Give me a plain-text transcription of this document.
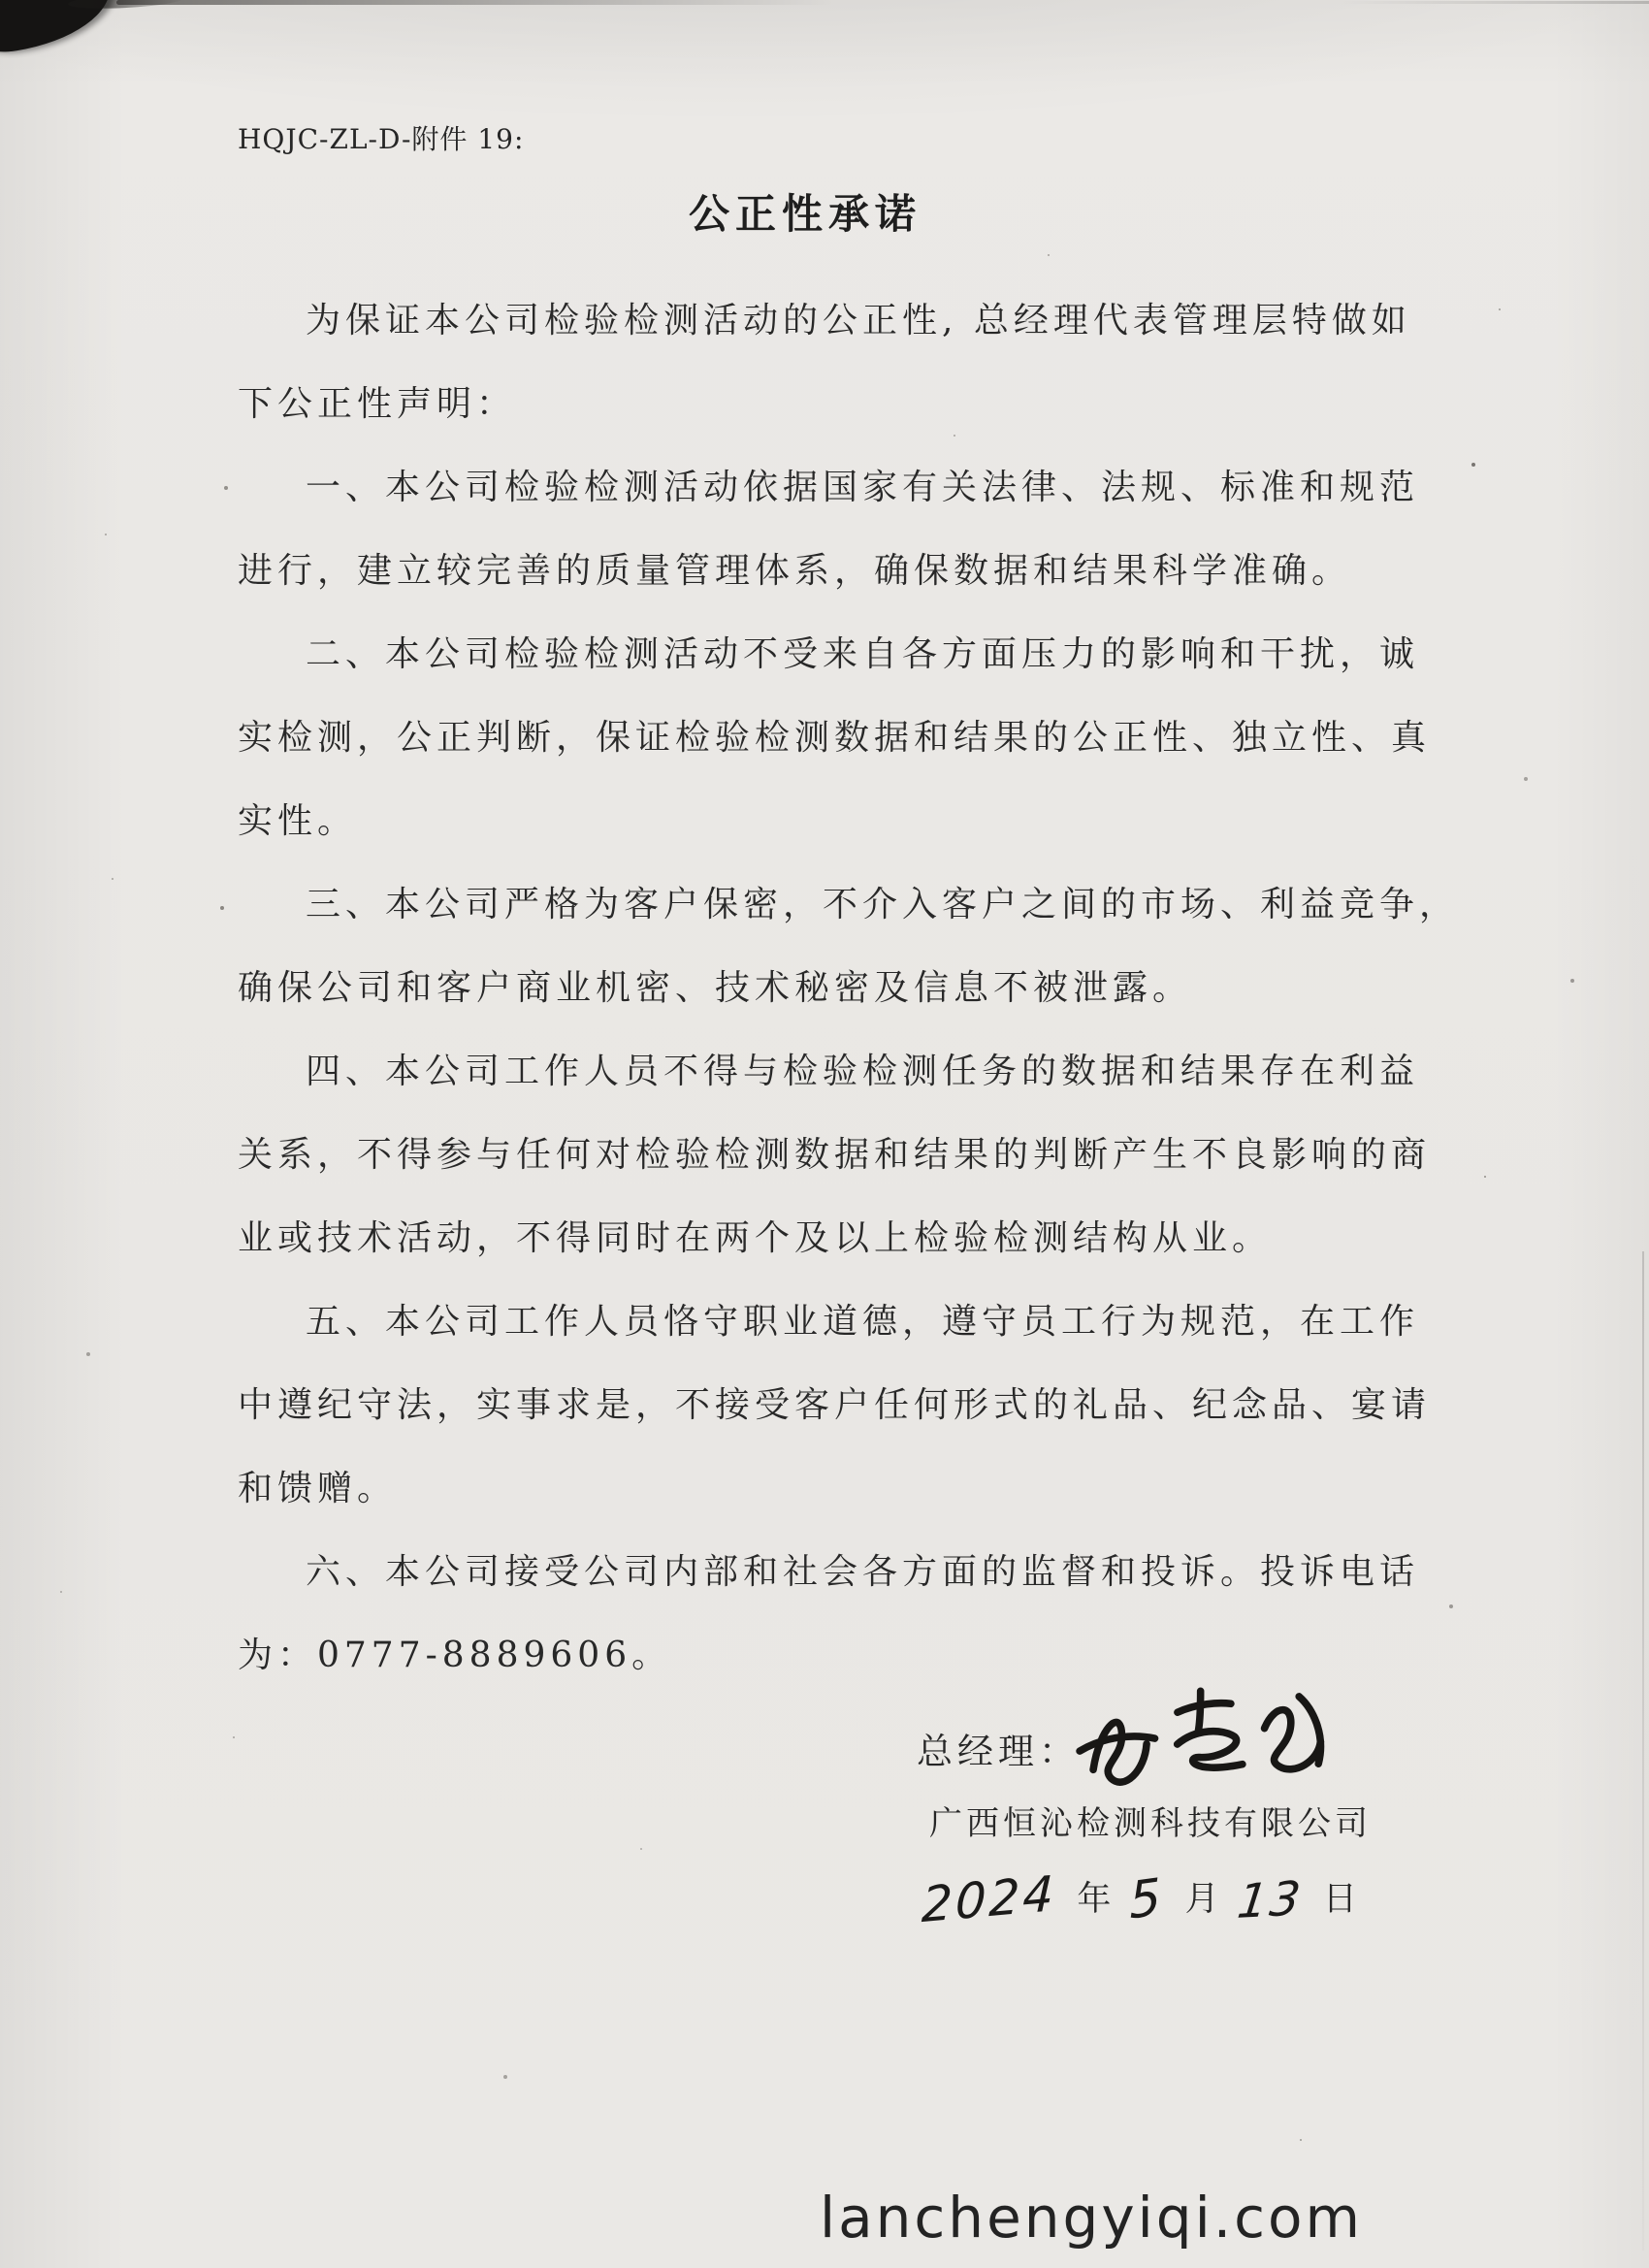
HQJC-ZL-D-附件 19:
公正性承诺
为保证本公司检验检测活动的公正性, 总经理代表管理层特做如
下公正性声明：
一、本公司检验检测活动依据国家有关法律、法规、标准和规范
进行，建立较完善的质量管理体系，确保数据和结果科学准确。
二、本公司检验检测活动不受来自各方面压力的影响和干扰，诚
实检测，公正判断，保证检验检测数据和结果的公正性、独立性、真
实性。
三、本公司严格为客户保密，不介入客户之间的市场、利益竞争，
确保公司和客户商业机密、技术秘密及信息不被泄露。
四、本公司工作人员不得与检验检测任务的数据和结果存在利益
关系，不得参与任何对检验检测数据和结果的判断产生不良影响的商
业或技术活动，不得同时在两个及以上检验检测结构从业。
五、本公司工作人员恪守职业道德，遵守员工行为规范，在工作
中遵纪守法，实事求是，不接受客户任何形式的礼品、纪念品、宴请
和馈赠。
六、本公司接受公司内部和社会各方面的监督和投诉。投诉电话
为：0777-8889606。
总经理：
广西恒沁检测科技有限公司
2024 年 5 月 13 日
lanchengyiqi.com
